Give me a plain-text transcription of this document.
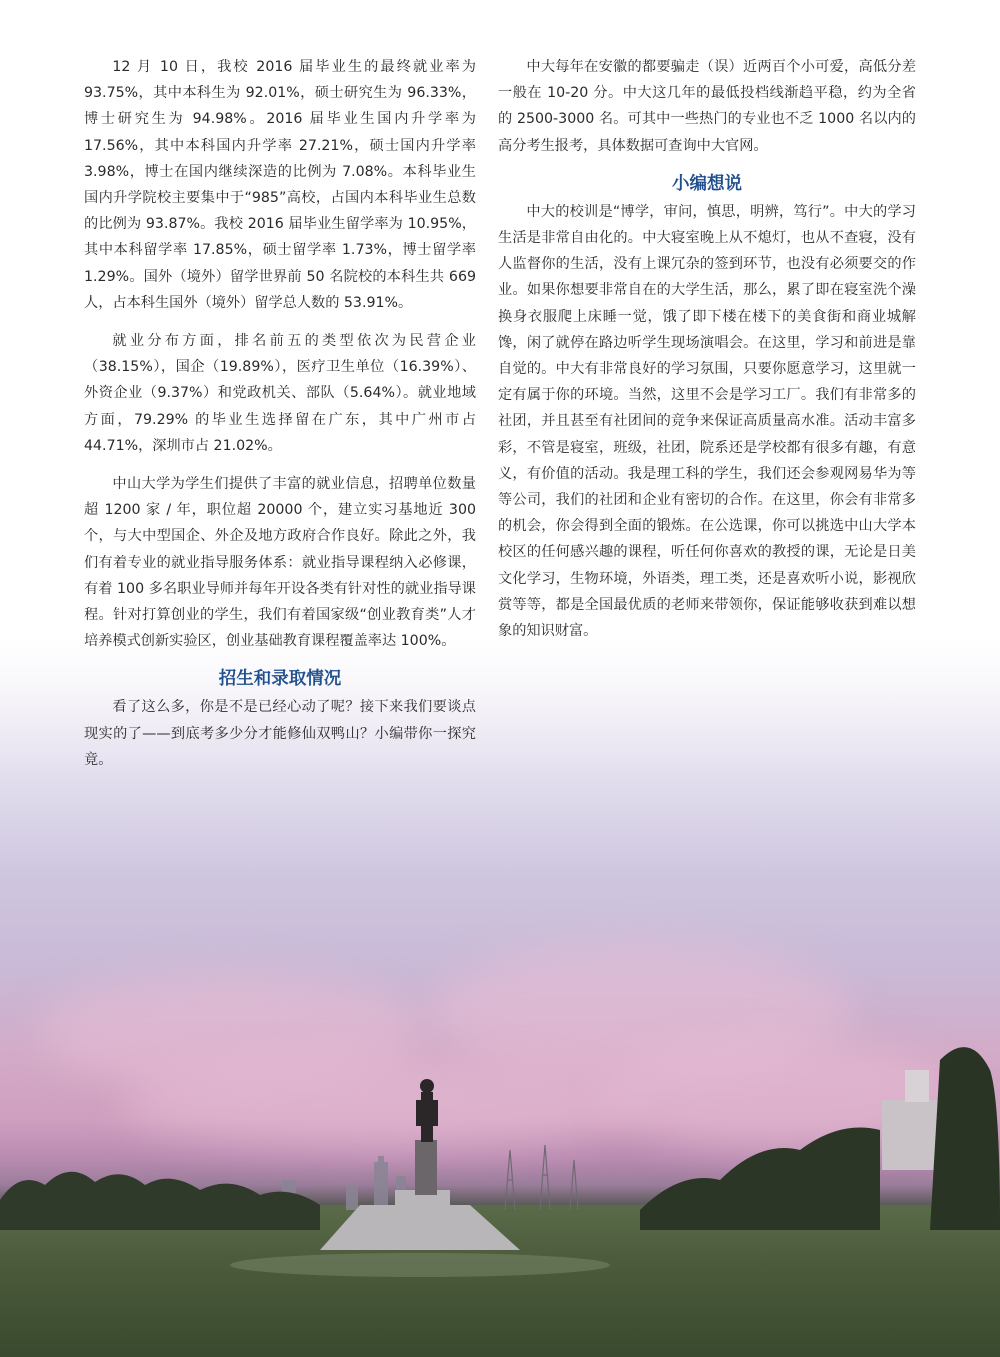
12 月 10 日，我校 2016 届毕业生的最终就业率为 93.75%，其中本科生为 92.01%，硕士研究生为 96.33%，博士研究生为 94.98%。2016 届毕业生国内升学率为 17.56%，其中本科国内升学率 27.21%，硕士国内升学率 3.98%，博士在国内继续深造的比例为 7.08%。本科毕业生国内升学院校主要集中于“985”高校，占国内本科毕业生总数的比例为 93.87%。我校 2016 届毕业生留学率为 10.95%，其中本科留学率 17.85%，硕士留学率 1.73%，博士留学率 1.29%。国外（境外）留学世界前 50 名院校的本科生共 669 人，占本科生国外（境外）留学总人数的 53.91%。

就业分布方面，排名前五的类型依次为民营企业（38.15%），国企（19.89%），医疗卫生单位（16.39%）、外资企业（9.37%）和党政机关、部队（5.64%）。就业地域方面，79.29% 的毕业生选择留在广东，其中广州市占 44.71%，深圳市占 21.02%。

中山大学为学生们提供了丰富的就业信息，招聘单位数量超 1200 家 / 年，职位超 20000 个，建立实习基地近 300 个，与大中型国企、外企及地方政府合作良好。除此之外，我们有着专业的就业指导服务体系：就业指导课程纳入必修课，有着 100 多名职业导师并每年开设各类有针对性的就业指导课程。针对打算创业的学生，我们有着国家级“创业教育类”人才培养模式创新实验区，创业基础教育课程覆盖率达 100%。

招生和录取情况

看了这么多，你是不是已经心动了呢？接下来我们要谈点现实的了——到底考多少分才能修仙双鸭山？小编带你一探究竟。

中大每年在安徽的都要骗走（误）近两百个小可爱，高低分差一般在 10-20 分。中大这几年的最低投档线渐趋平稳，约为全省的 2500-3000 名。可其中一些热门的专业也不乏 1000 名以内的高分考生报考，具体数据可查询中大官网。

小编想说

中大的校训是“博学，审问，慎思，明辨，笃行”。中大的学习生活是非常自由化的。中大寝室晚上从不熄灯，也从不查寝，没有人监督你的生活，没有上课冗杂的签到环节，也没有必须要交的作业。如果你想要非常自在的大学生活，那么，累了即在寝室洗个澡换身衣服爬上床睡一觉，饿了即下楼在楼下的美食街和商业城解馋，闲了就停在路边听学生现场演唱会。在这里，学习和前进是靠自觉的。中大有非常良好的学习氛围，只要你愿意学习，这里就一定有属于你的环境。当然，这里不会是学习工厂。我们有非常多的社团，并且甚至有社团间的竞争来保证高质量高水准。活动丰富多彩，不管是寝室，班级，社团，院系还是学校都有很多有趣，有意义，有价值的活动。我是理工科的学生，我们还会参观网易华为等等公司，我们的社团和企业有密切的合作。在这里，你会有非常多的机会，你会得到全面的锻炼。在公选课，你可以挑选中山大学本校区的任何感兴趣的课程，听任何你喜欢的教授的课，无论是日美文化学习，生物环境，外语类，理工类，还是喜欢听小说，影视欣赏等等，都是全国最优质的老师来带领你，保证能够收获到难以想象的知识财富。
